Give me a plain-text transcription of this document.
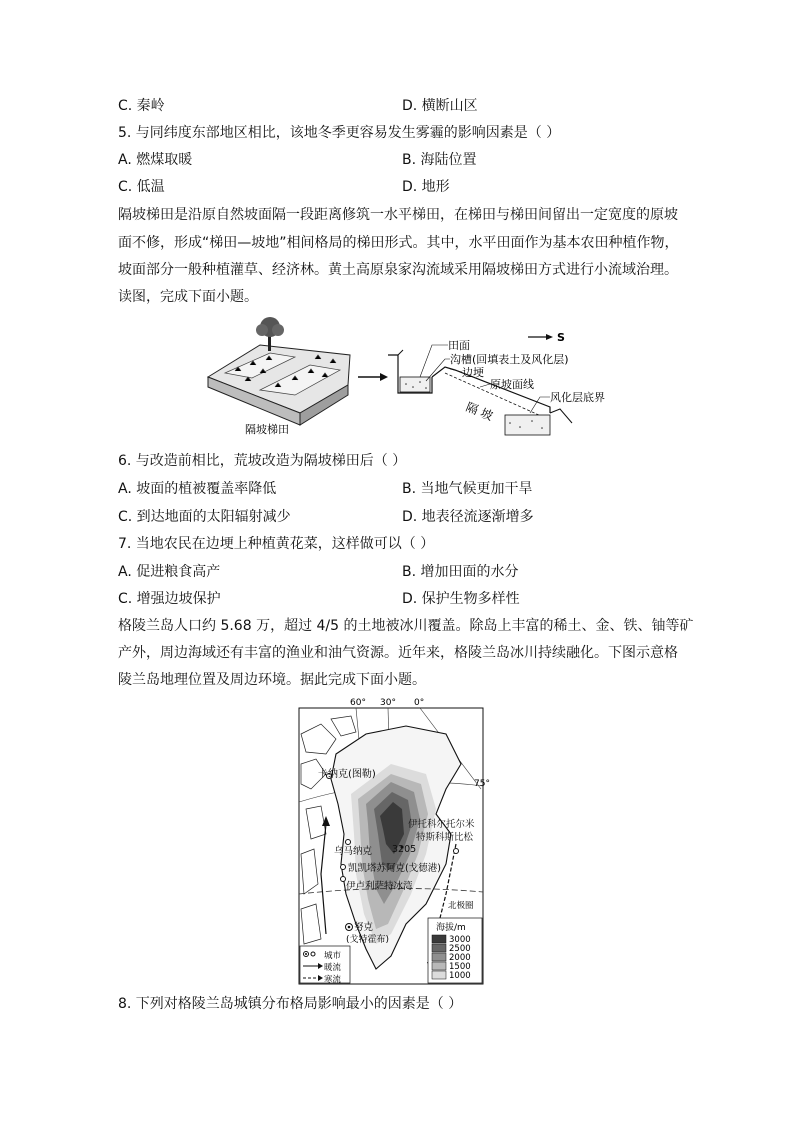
C. 秦岭	D. 横断山区
5. 与同纬度东部地区相比，该地冬季更容易发生雾霾的影响因素是（ ）
A. 燃煤取暖	B. 海陆位置
C. 低温	D. 地形
隔坡梯田是沿原自然坡面隔一段距离修筑一水平梯田，在梯田与梯田间留出一定宽度的原坡
面不修，形成“梯田—坡地”相间格局的梯田形式。其中，水平田面作为基本农田种植作物，
坡面部分一般种植灌草、经济林。黄土高原泉家沟流域采用隔坡梯田方式进行小流域治理。
读图，完成下面小题。
隔坡梯田
田面
沟槽(回填表土及风化层)
边埂
原坡面线
风化层底界
隔 坡
S
6. 与改造前相比，荒坡改造为隔坡梯田后（ ）
A. 坡面的植被覆盖率降低	B. 当地气候更加干旱
C. 到达地面的太阳辐射减少	D. 地表径流逐渐增多
7. 当地农民在边埂上种植黄花菜，这样做可以（ ）
A. 促进粮食高产	B. 增加田面的水分
C. 增强边坡保护	D. 保护生物多样性
格陵兰岛人口约 5.68 万，超过 4/5 的土地被冰川覆盖。除岛上丰富的稀土、金、铁、铀等矿
产外，周边海域还有丰富的渔业和油气资源。近年来，格陵兰岛冰川持续融化。下图示意格
陵兰岛地理位置及周边环境。据此完成下面小题。
60° 30° 0°
75°
卡纳克(图勒)
伊托科尔托尔米
特斯科斯比松
乌马纳克 3205
凯凯塔苏阿克(戈德港)
伊卢利萨特冰湾
北极圈
努克
(戈特霍布)
城市
暖流
寒流
海拔/m
3000
2500
2000
1500
1000
8. 下列对格陵兰岛城镇分布格局影响最小的因素是（ ）
